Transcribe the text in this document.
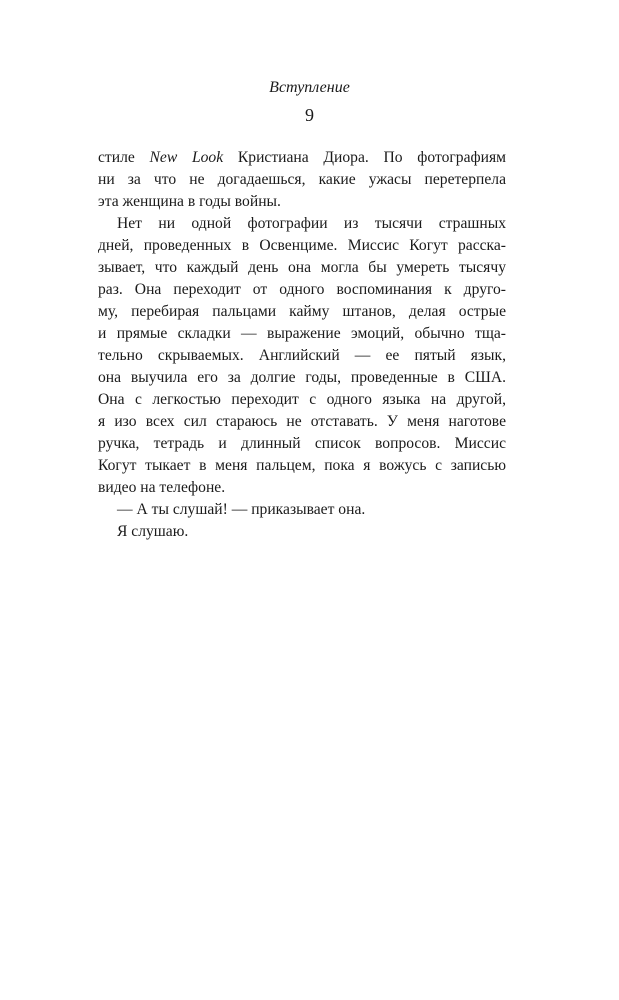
Вступление
9
стиле New Look Кристиана Диора. По фотографиям
ни за что не догадаешься, какие ужасы перетерпела
эта женщина в годы войны.
Нет ни одной фотографии из тысячи страшных
дней, проведенных в Освенциме. Миссис Когут расска-
зывает, что каждый день она могла бы умереть тысячу
раз. Она переходит от одного воспоминания к друго-
му, перебирая пальцами кайму штанов, делая острые
и прямые складки — выражение эмоций, обычно тща-
тельно скрываемых. Английский — ее пятый язык,
она выучила его за долгие годы, проведенные в США.
Она с легкостью переходит с одного языка на другой,
я изо всех сил стараюсь не отставать. У меня наготове
ручка, тетрадь и длинный список вопросов. Миссис
Когут тыкает в меня пальцем, пока я вожусь с записью
видео на телефоне.
— А ты слушай! — приказывает она.
Я слушаю.
